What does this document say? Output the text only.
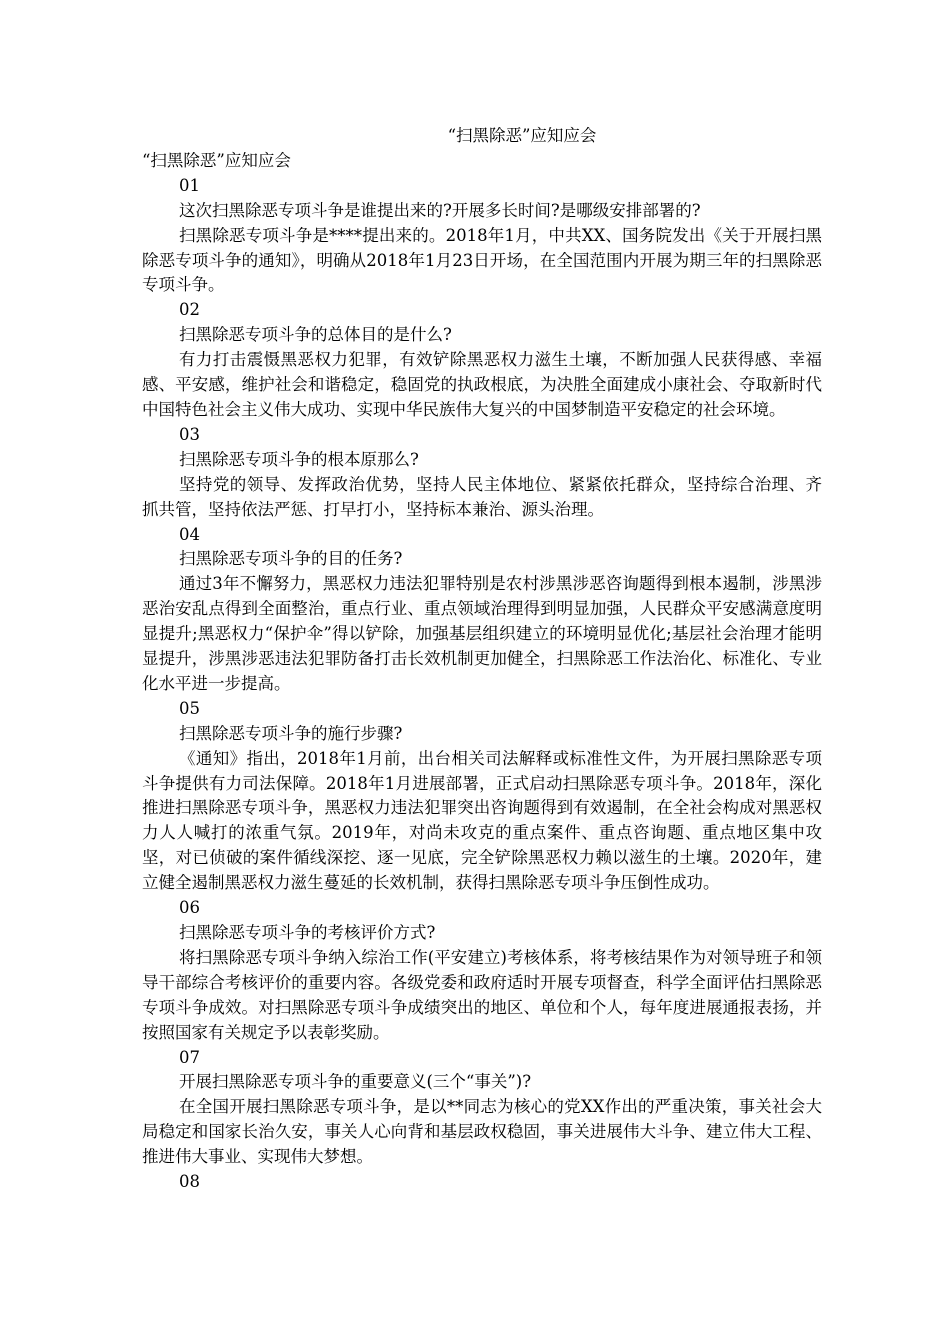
“扫黑除恶”应知应会

“扫黑除恶”应知应会

01

这次扫黑除恶专项斗争是谁提出来的?开展多长时间?是哪级安排部署的?

扫黑除恶专项斗争是****提出来的。2018年1月，中共XX、国务院发出《关于开展扫黑除恶专项斗争的通知》，明确从2018年1月23日开场，在全国范围内开展为期三年的扫黑除恶专项斗争。

02

扫黑除恶专项斗争的总体目的是什么?

有力打击震慑黑恶权力犯罪，有效铲除黑恶权力滋生土壤，不断加强人民获得感、幸福感、平安感，维护社会和谐稳定，稳固党的执政根底，为决胜全面建成小康社会、夺取新时代中国特色社会主义伟大成功、实现中华民族伟大复兴的中国梦制造平安稳定的社会环境。

03

扫黑除恶专项斗争的根本原那么?

坚持党的领导、发挥政治优势，坚持人民主体地位、紧紧依托群众，坚持综合治理、齐抓共管，坚持依法严惩、打早打小，坚持标本兼治、源头治理。

04

扫黑除恶专项斗争的目的任务?

通过3年不懈努力，黑恶权力违法犯罪特别是农村涉黑涉恶咨询题得到根本遏制，涉黑涉恶治安乱点得到全面整治，重点行业、重点领域治理得到明显加强，人民群众平安感满意度明显提升;黑恶权力“保护伞”得以铲除，加强基层组织建立的环境明显优化;基层社会治理才能明显提升，涉黑涉恶违法犯罪防备打击长效机制更加健全，扫黑除恶工作法治化、标准化、专业化水平进一步提高。

05

扫黑除恶专项斗争的施行步骤?

《通知》指出，2018年1月前，出台相关司法解释或标准性文件，为开展扫黑除恶专项斗争提供有力司法保障。2018年1月进展部署，正式启动扫黑除恶专项斗争。2018年，深化推进扫黑除恶专项斗争，黑恶权力违法犯罪突出咨询题得到有效遏制，在全社会构成对黑恶权力人人喊打的浓重气氛。2019年，对尚未攻克的重点案件、重点咨询题、重点地区集中攻坚，对已侦破的案件循线深挖、逐一见底，完全铲除黑恶权力赖以滋生的土壤。2020年，建立健全遏制黑恶权力滋生蔓延的长效机制，获得扫黑除恶专项斗争压倒性成功。

06

扫黑除恶专项斗争的考核评价方式?

将扫黑除恶专项斗争纳入综治工作(平安建立)考核体系，将考核结果作为对领导班子和领导干部综合考核评价的重要内容。各级党委和政府适时开展专项督查，科学全面评估扫黑除恶专项斗争成效。对扫黑除恶专项斗争成绩突出的地区、单位和个人，每年度进展通报表扬，并按照国家有关规定予以表彰奖励。

07

开展扫黑除恶专项斗争的重要意义(三个“事关”)?

在全国开展扫黑除恶专项斗争，是以**同志为核心的党XX作出的严重决策，事关社会大局稳定和国家长治久安，事关人心向背和基层政权稳固，事关进展伟大斗争、建立伟大工程、推进伟大事业、实现伟大梦想。

08
